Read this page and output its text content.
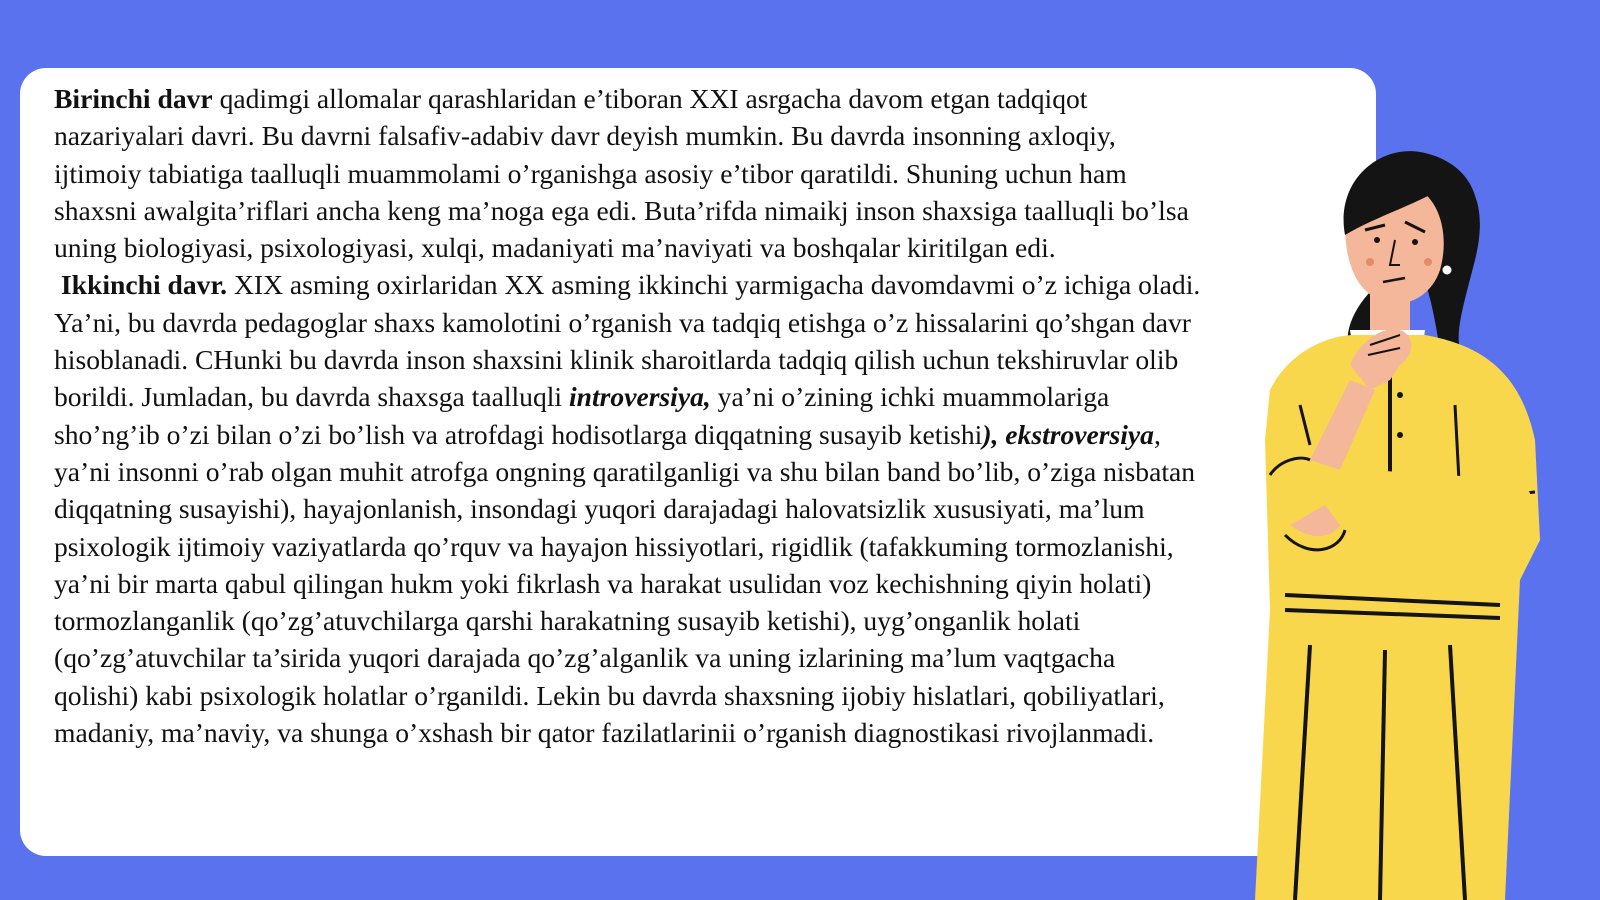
Birinchi davr qadimgi allomalar qarashlaridan e’tiboran XXI asrgacha davom etgan tadqiqot nazariyalari davri. Bu davrni falsafiv-adabiv davr deyish mumkin. Bu davrda insonning axloqiy, ijtimoiy tabiatiga taalluqli muammolami o’rganishga asosiy e’tibor qaratildi. Shuning uchun ham shaxsni awalgita’riflari ancha keng ma’noga ega edi. Buta’rifda nimaikj inson shaxsiga taalluqli bo’lsa uning biologiyasi, psixologiyasi, xulqi, madaniyati ma’naviyati va boshqalar kiritilgan edi.

Ikkinchi davr. XIX asming oxirlaridan XX asming ikkinchi yarmigacha davomdavmi o’z ichiga oladi. Ya’ni, bu davrda pedagoglar shaxs kamolotini o’rganish va tadqiq etishga o’z hissalarini qo’shgan davr hisoblanadi. CHunki bu davrda inson shaxsini klinik sharoitlarda tadqiq qilish uchun tekshiruvlar olib borildi. Jumladan, bu davrda shaxsga taalluqli introversiya, ya’ni o’zining ichki muammolariga sho’ng’ib o’zi bilan o’zi bo’lish va atrofdagi hodisotlarga diqqatning susayib ketishi), ekstroversiya, ya’ni insonni o’rab olgan muhit atrofga ongning qaratilganligi va shu bilan band bo’lib, o’ziga nisbatan diqqatning susayishi), hayajonlanish, insondagi yuqori darajadagi halovatsizlik xususiyati, ma’lum psixologik ijtimoiy vaziyatlarda qo’rquv va hayajon hissiyotlari, rigidlik (tafakkuming tormozlanishi, ya’ni bir marta qabul qilingan hukm yoki fikrlash va harakat usulidan voz kechishning qiyin holati) tormozlanganlik (qo’zg’atuvchilarga qarshi harakatning susayib ketishi), uyg’onganlik holati (qo’zg’atuvchilar ta’sirida yuqori darajada qo’zg’alganlik va uning izlarining ma’lum vaqtgacha qolishi) kabi psixologik holatlar o’rganildi. Lekin bu davrda shaxsning ijobiy hislatlari, qobiliyatlari, madaniy, ma’naviy, va shunga o’xshash bir qator fazilatlarinii o’rganish diagnostikasi rivojlanmadi.
